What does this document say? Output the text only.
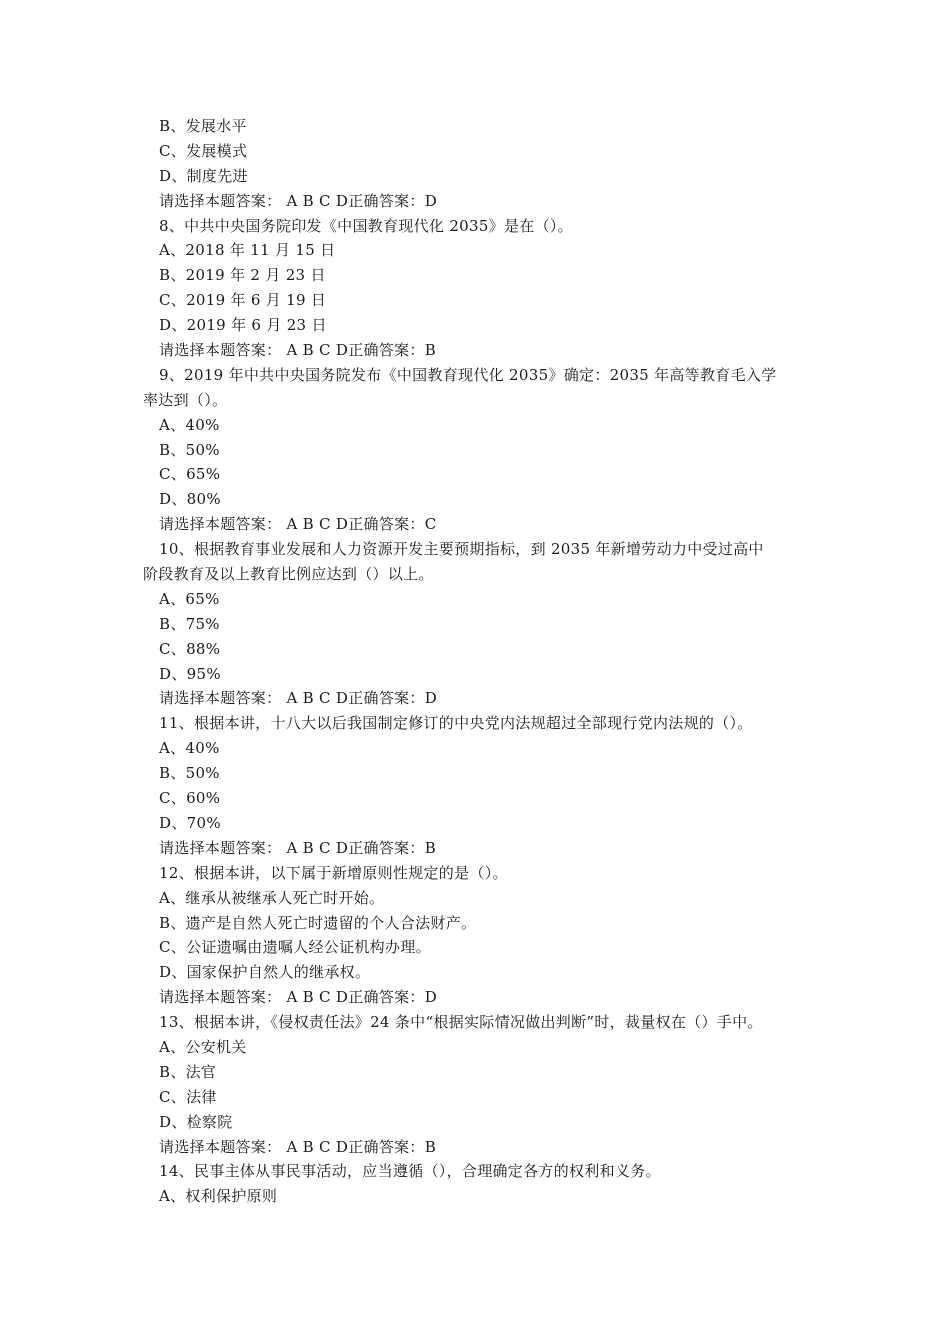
B、发展水平
C、发展模式
D、制度先进
请选择本题答案： A B C D正确答案：D
8、中共中央国务院印发《中国教育现代化 2035》是在（）。
A、2018 年 11 月 15 日
B、2019 年 2 月 23 日
C、2019 年 6 月 19 日
D、2019 年 6 月 23 日
请选择本题答案： A B C D正确答案：B
9、2019 年中共中央国务院发布《中国教育现代化 2035》确定：2035 年高等教育毛入学
率达到（）。
A、40%
B、50%
C、65%
D、80%
请选择本题答案： A B C D正确答案：C
10、根据教育事业发展和人力资源开发主要预期指标，到 2035 年新增劳动力中受过高中
阶段教育及以上教育比例应达到（）以上。
A、65%
B、75%
C、88%
D、95%
请选择本题答案： A B C D正确答案：D
11、根据本讲，十八大以后我国制定修订的中央党内法规超过全部现行党内法规的（）。
A、40%
B、50%
C、60%
D、70%
请选择本题答案： A B C D正确答案：B
12、根据本讲，以下属于新增原则性规定的是（）。
A、继承从被继承人死亡时开始。
B、遗产是自然人死亡时遗留的个人合法财产。
C、公证遗嘱由遗嘱人经公证机构办理。
D、国家保护自然人的继承权。
请选择本题答案： A B C D正确答案：D
13、根据本讲，《侵权责任法》24 条中“根据实际情况做出判断”时，裁量权在（）手中。
A、公安机关
B、法官
C、法律
D、检察院
请选择本题答案： A B C D正确答案：B
14、民事主体从事民事活动，应当遵循（），合理确定各方的权利和义务。
A、权利保护原则
